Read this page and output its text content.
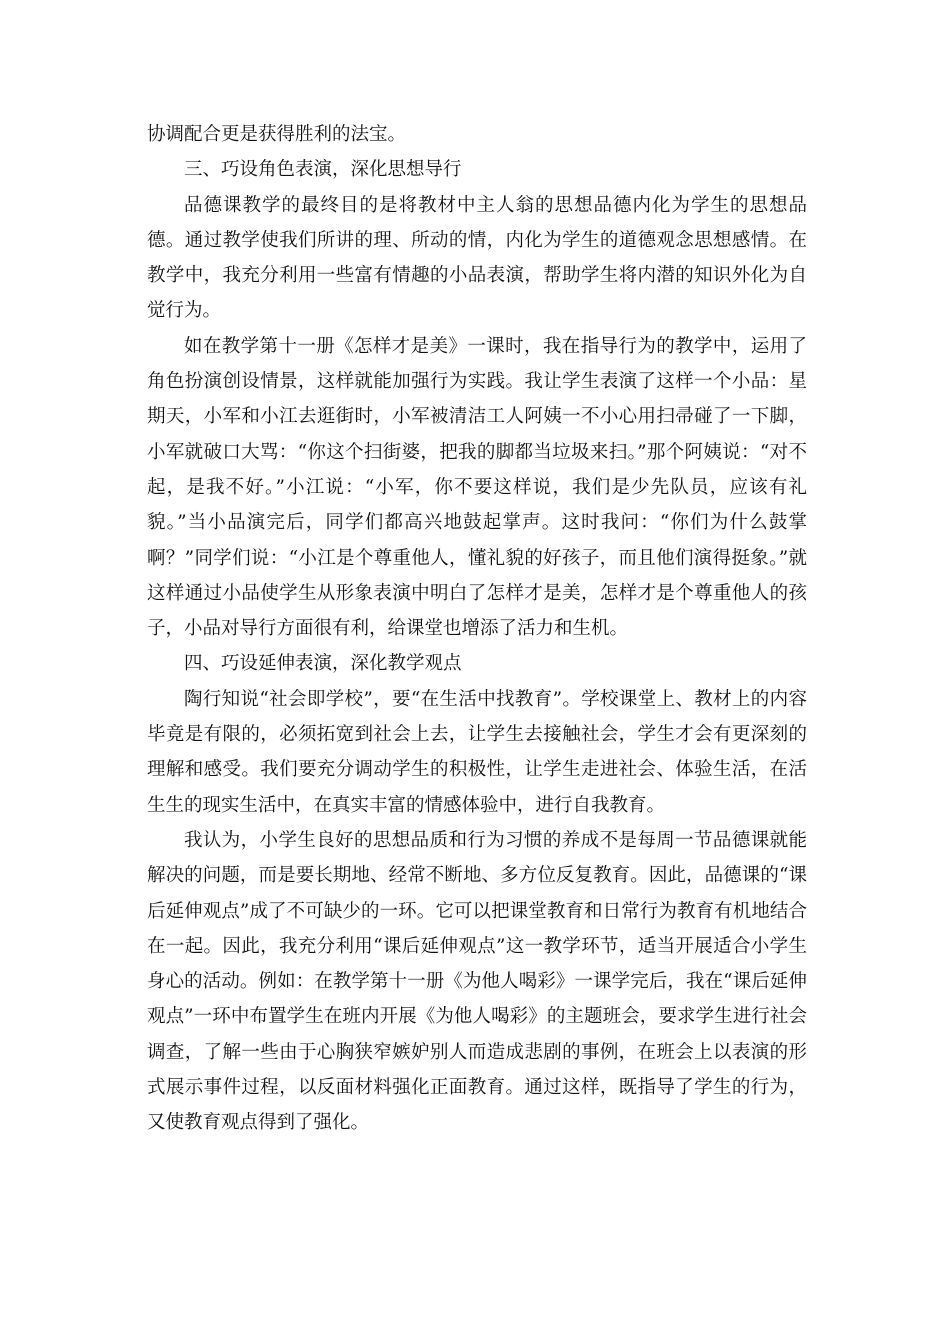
协调配合更是获得胜利的法宝。

三、巧设角色表演，深化思想导行

品德课教学的最终目的是将教材中主人翁的思想品德内化为学生的思想品德。通过教学使我们所讲的理、所动的情，内化为学生的道德观念思想感情。在教学中，我充分利用一些富有情趣的小品表演，帮助学生将内潜的知识外化为自觉行为。

如在教学第十一册《怎样才是美》一课时，我在指导行为的教学中，运用了角色扮演创设情景，这样就能加强行为实践。我让学生表演了这样一个小品：星期天，小军和小江去逛街时，小军被清洁工人阿姨一不小心用扫帚碰了一下脚，小军就破口大骂：“你这个扫街婆，把我的脚都当垃圾来扫。”那个阿姨说：“对不起，是我不好。”小江说：“小军，你不要这样说，我们是少先队员，应该有礼貌。”当小品演完后，同学们都高兴地鼓起掌声。这时我问：“你们为什么鼓掌啊？”同学们说：“小江是个尊重他人，懂礼貌的好孩子，而且他们演得挺象。”就这样通过小品使学生从形象表演中明白了怎样才是美，怎样才是个尊重他人的孩子，小品对导行方面很有利，给课堂也增添了活力和生机。

四、巧设延伸表演，深化教学观点

陶行知说“社会即学校”，要“在生活中找教育”。学校课堂上、教材上的内容毕竟是有限的，必须拓宽到社会上去，让学生去接触社会，学生才会有更深刻的理解和感受。我们要充分调动学生的积极性，让学生走进社会、体验生活，在活生生的现实生活中，在真实丰富的情感体验中，进行自我教育。

我认为，小学生良好的思想品质和行为习惯的养成不是每周一节品德课就能解决的问题，而是要长期地、经常不断地、多方位反复教育。因此，品德课的“课后延伸观点”成了不可缺少的一环。它可以把课堂教育和日常行为教育有机地结合在一起。因此，我充分利用“课后延伸观点”这一教学环节，适当开展适合小学生身心的活动。例如：在教学第十一册《为他人喝彩》一课学完后，我在“课后延伸观点”一环中布置学生在班内开展《为他人喝彩》的主题班会，要求学生进行社会调查，了解一些由于心胸狭窄嫉妒别人而造成悲剧的事例，在班会上以表演的形式展示事件过程，以反面材料强化正面教育。通过这样，既指导了学生的行为，又使教育观点得到了强化。
